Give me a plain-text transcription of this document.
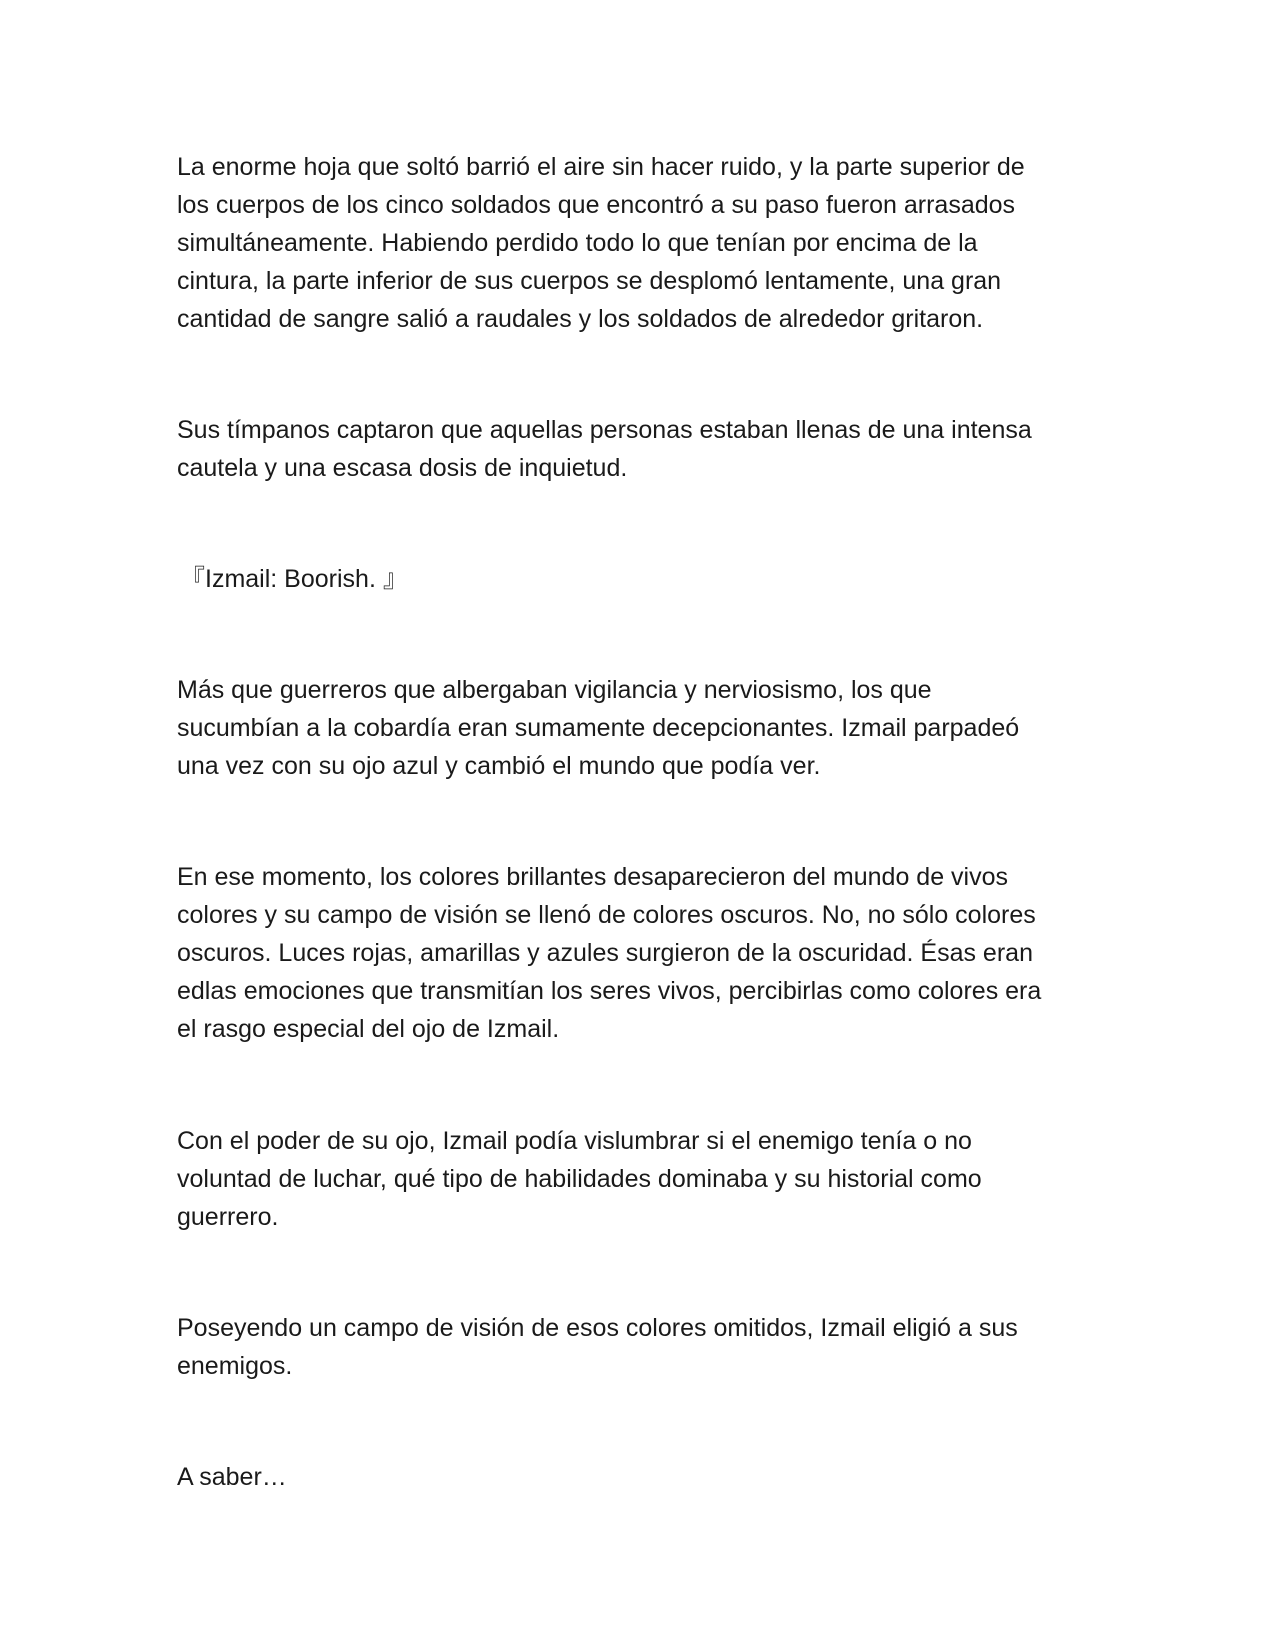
La enorme hoja que soltó barrió el aire sin hacer ruido, y la parte superior de
los cuerpos de los cinco soldados que encontró a su paso fueron arrasados
simultáneamente. Habiendo perdido todo lo que tenían por encima de la
cintura, la parte inferior de sus cuerpos se desplomó lentamente, una gran
cantidad de sangre salió a raudales y los soldados de alrededor gritaron.
Sus tímpanos captaron que aquellas personas estaban llenas de una intensa
cautela y una escasa dosis de inquietud.
『Izmail: Boorish. 』
Más que guerreros que albergaban vigilancia y nerviosismo, los que
sucumbían a la cobardía eran sumamente decepcionantes. Izmail parpadeó
una vez con su ojo azul y cambió el mundo que podía ver.
En ese momento, los colores brillantes desaparecieron del mundo de vivos
colores y su campo de visión se llenó de colores oscuros. No, no sólo colores
oscuros. Luces rojas, amarillas y azules surgieron de la oscuridad. Ésas eran
edlas emociones que transmitían los seres vivos, percibirlas como colores era
el rasgo especial del ojo de Izmail.
Con el poder de su ojo, Izmail podía vislumbrar si el enemigo tenía o no
voluntad de luchar, qué tipo de habilidades dominaba y su historial como
guerrero.
Poseyendo un campo de visión de esos colores omitidos, Izmail eligió a sus
enemigos.
A saber…
